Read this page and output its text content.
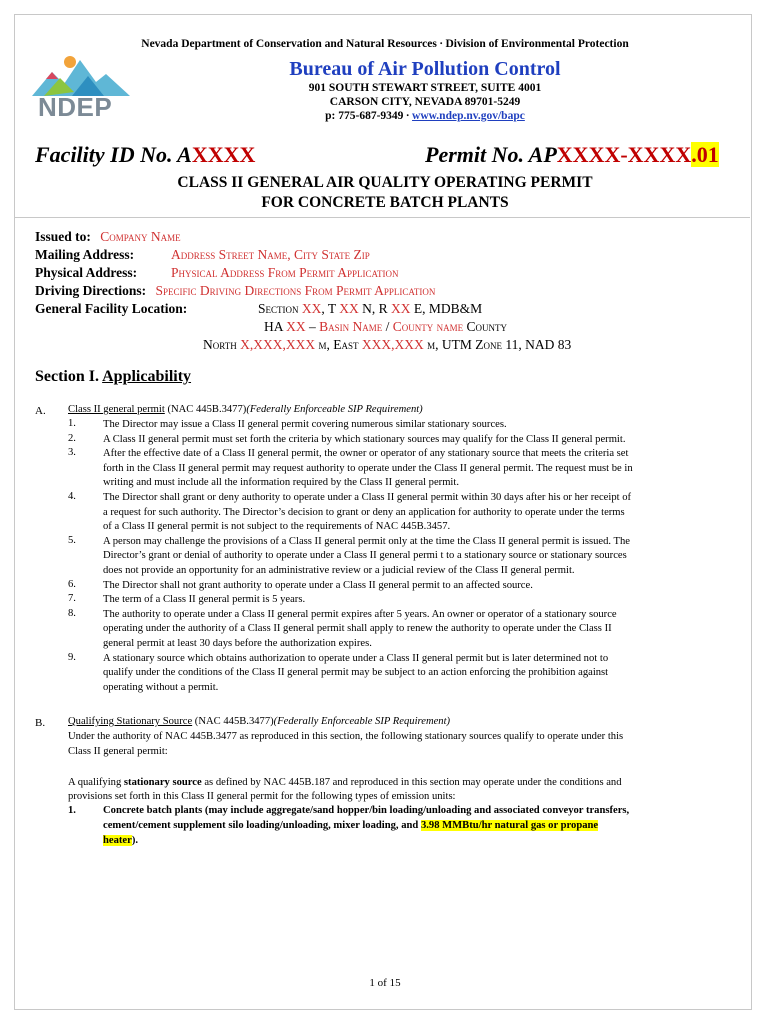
Nevada Department of Conservation and Natural Resources ∙ Division of Environmental Protection
NDEP
Bureau of Air Pollution Control
901 SOUTH STEWART STREET, SUITE 4001
CARSON CITY, NEVADA 89701-5249
p: 775-687-9349 ∙ www.ndep.nv.gov/bapc
Facility ID No. AXXXX	Permit No. APXXXX-XXXX.01
CLASS II GENERAL AIR QUALITY OPERATING PERMIT
FOR CONCRETE BATCH PLANTS
Issued to: Company Name
Mailing Address:	Address Street Name, City State Zip
Physical Address:	Physical Address From Permit Application
Driving Directions: Specific Driving Directions From Permit Application
General Facility Location:	Section XX, T XX N, R XX E, MDB&M
HA XX – Basin Name / County name County
North X,XXX,XXX m, East XXX,XXX m, UTM Zone 11, NAD 83
Section I. Applicability
A. Class II general permit (NAC 445B.3477)(Federally Enforceable SIP Requirement)
1.	The Director may issue a Class II general permit covering numerous similar stationary sources.
2.	A Class II general permit must set forth the criteria by which stationary sources may qualify for the Class II general permit.
3.	After the effective date of a Class II general permit, the owner or operator of any stationary source that meets the criteria set
forth in the Class II general permit may request authority to operate under the Class II general permit. The request must be in
writing and must include all the information required by the Class II general permit.
4.	The Director shall grant or deny authority to operate under a Class II general permit within 30 days after his or her receipt of
a request for such authority. The Director’s decision to grant or deny an application for authority to operate under the terms
of a Class II general permit is not subject to the requirements of NAC 445B.3457.
5.	A person may challenge the provisions of a Class II general permit only at the time the Class II general permit is issued. The
Director’s grant or denial of authority to operate under a Class II general permi t to a stationary source or stationary sources
does not provide an opportunity for an administrative review or a judicial review of the Class II general permit.
6.	The Director shall not grant authority to operate under a Class II general permit to an affected source.
7.	The term of a Class II general permit is 5 years.
8.	The authority to operate under a Class II general permit expires after 5 years. An owner or operator of a stationary source
operating under the authority of a Class II general permit shall apply to renew the authority to operate under the Class II
general permit at least 30 days before the authorization expires.
9.	A stationary source which obtains authorization to operate under a Class II general permit but is later determined not to
qualify under the conditions of the Class II general permit may be subject to an action enforcing the prohibition against
operating without a permit.
B. Qualifying Stationary Source (NAC 445B.3477)(Federally Enforceable SIP Requirement)
Under the authority of NAC 445B.3477 as reproduced in this section, the following stationary sources qualify to operate under this
Class II general permit:
A qualifying stationary source as defined by NAC 445B.187 and reproduced in this section may operate under the conditions and
provisions set forth in this Class II general permit for the following types of emission units:
1.	Concrete batch plants (may include aggregate/sand hopper/bin loading/unloading and associated conveyor transfers,
cement/cement supplement silo loading/unloading, mixer loading, and 3.98 MMBtu/hr natural gas or propane
heater).
1 of 15
